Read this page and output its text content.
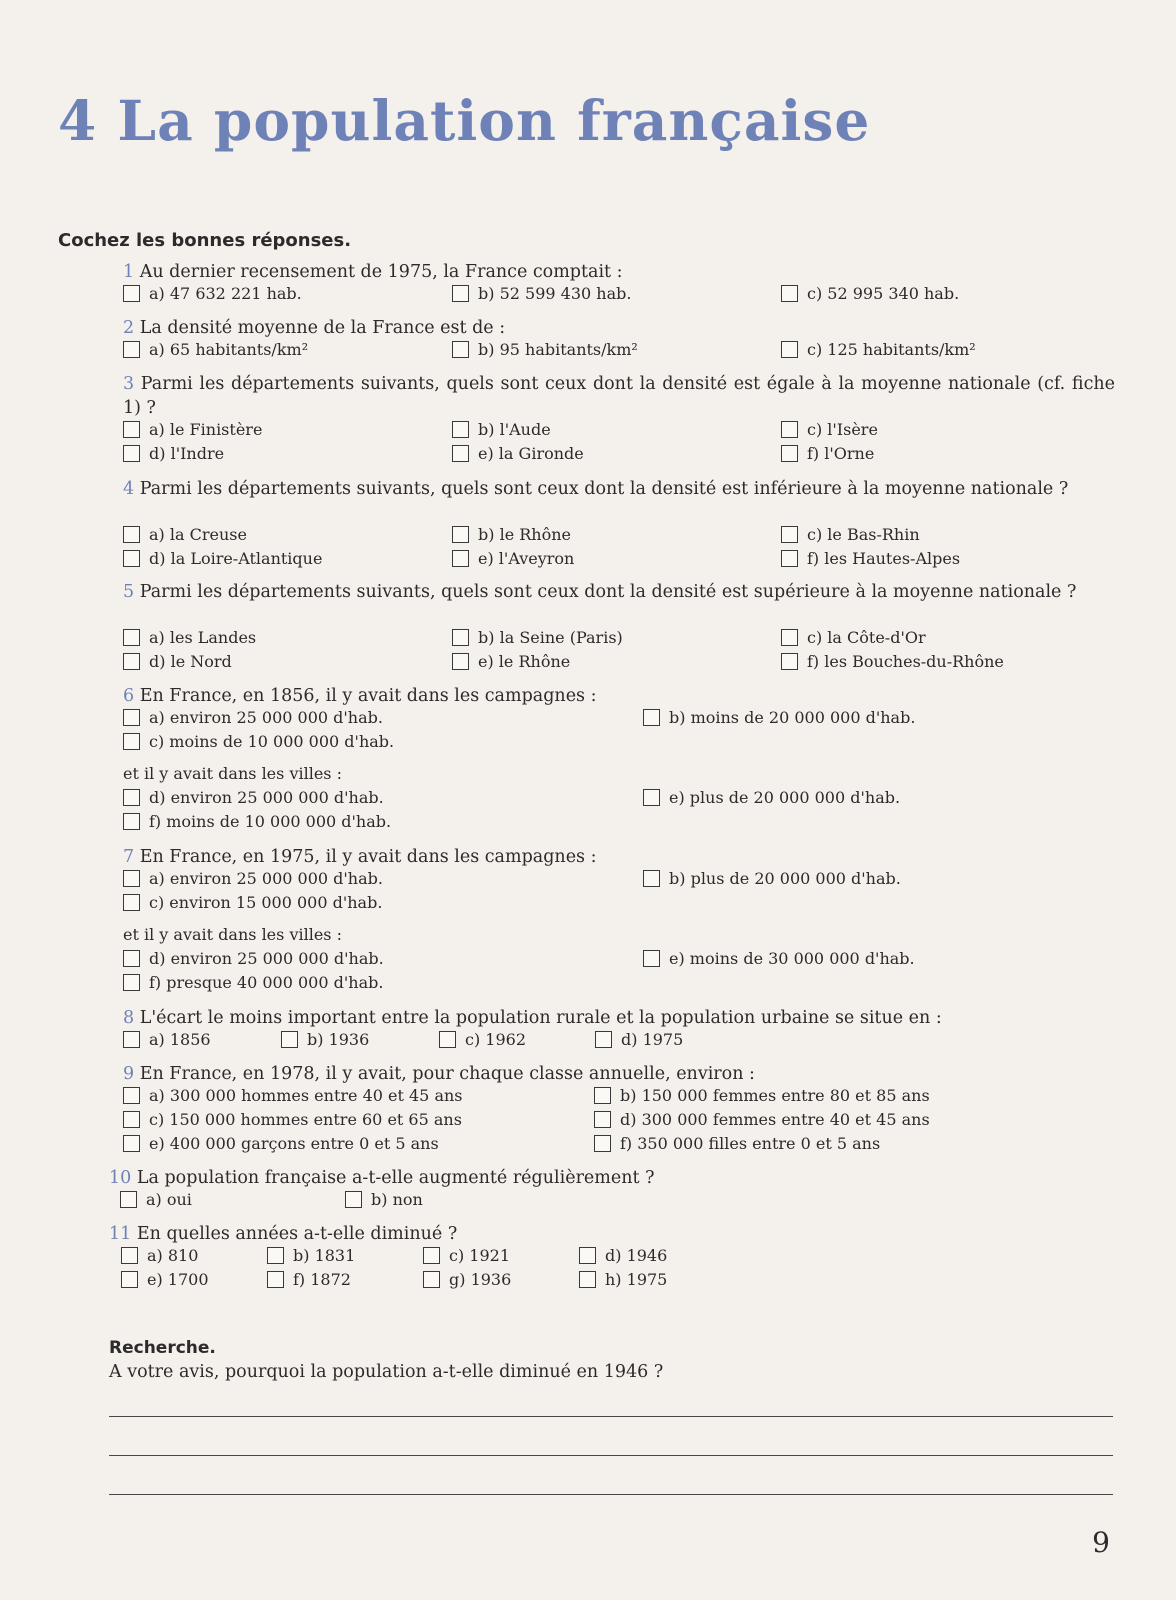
4 La population française
Cochez les bonnes réponses.
1 Au dernier recensement de 1975, la France comptait :
a) 47 632 221 hab.	b) 52 599 430 hab.	c) 52 995 340 hab.
2 La densité moyenne de la France est de :
a) 65 habitants/km²	b) 95 habitants/km²	c) 125 habitants/km²
3 Parmi les départements suivants, quels sont ceux dont la densité est égale à la moyenne nationale (cf. fiche 1) ?
a) le Finistère	b) l'Aude	c) l'Isère
d) l'Indre	e) la Gironde	f) l'Orne
4 Parmi les départements suivants, quels sont ceux dont la densité est inférieure à la moyenne nationale ?
a) la Creuse	b) le Rhône	c) le Bas-Rhin
d) la Loire-Atlantique	e) l'Aveyron	f) les Hautes-Alpes
5 Parmi les départements suivants, quels sont ceux dont la densité est supérieure à la moyenne nationale ?
a) les Landes	b) la Seine (Paris)	c) la Côte-d'Or
d) le Nord	e) le Rhône	f) les Bouches-du-Rhône
6 En France, en 1856, il y avait dans les campagnes :
a) environ 25 000 000 d'hab.	b) moins de 20 000 000 d'hab.
c) moins de 10 000 000 d'hab.
et il y avait dans les villes :
d) environ 25 000 000 d'hab.	e) plus de 20 000 000 d'hab.
f) moins de 10 000 000 d'hab.
7 En France, en 1975, il y avait dans les campagnes :
a) environ 25 000 000 d'hab.	b) plus de 20 000 000 d'hab.
c) environ 15 000 000 d'hab.
et il y avait dans les villes :
d) environ 25 000 000 d'hab.	e) moins de 30 000 000 d'hab.
f) presque 40 000 000 d'hab.
8 L'écart le moins important entre la population rurale et la population urbaine se situe en :
a) 1856	b) 1936	c) 1962	d) 1975
9 En France, en 1978, il y avait, pour chaque classe annuelle, environ :
a) 300 000 hommes entre 40 et 45 ans	b) 150 000 femmes entre 80 et 85 ans
c) 150 000 hommes entre 60 et 65 ans	d) 300 000 femmes entre 40 et 45 ans
e) 400 000 garçons entre 0 et 5 ans	f) 350 000 filles entre 0 et 5 ans
10 La population française a-t-elle augmenté régulièrement ?
a) oui	b) non
11 En quelles années a-t-elle diminué ?
a) 810	b) 1831	c) 1921	d) 1946
e) 1700	f) 1872	g) 1936	h) 1975
Recherche.
A votre avis, pourquoi la population a-t-elle diminué en 1946 ?
9
